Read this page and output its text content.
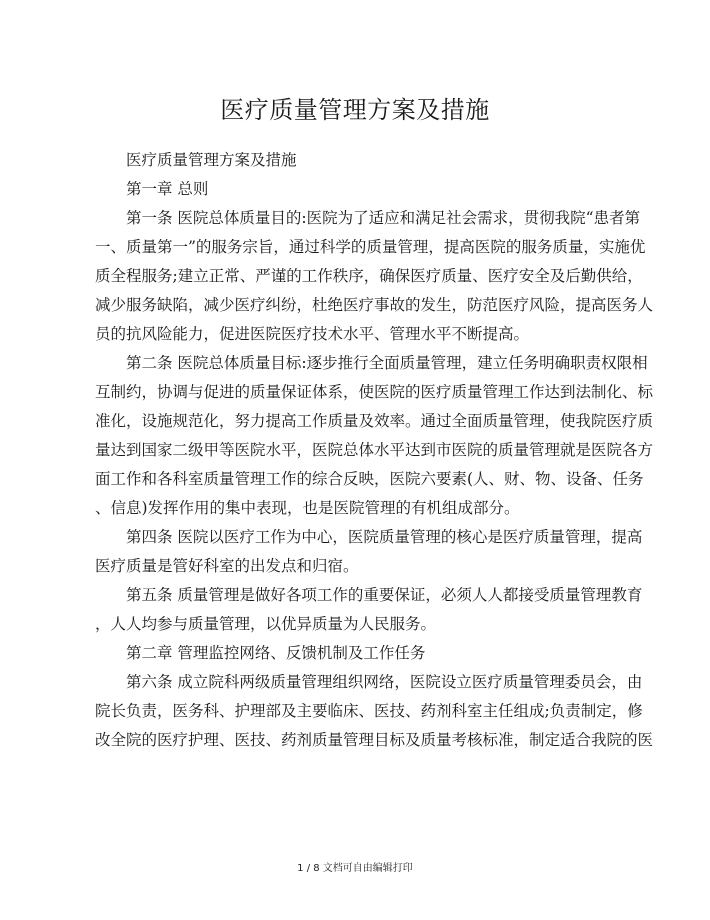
医疗质量管理方案及措施
医疗质量管理方案及措施
第一章 总则
第一条 医院总体质量目的:医院为了适应和满足社会需求，贯彻我院“患者第
一、质量第一”的服务宗旨，通过科学的质量管理，提高医院的服务质量，实施优
质全程服务;建立正常、严谨的工作秩序，确保医疗质量、医疗安全及后勤供给，
减少服务缺陷，减少医疗纠纷，杜绝医疗事故的发生，防范医疗风险，提高医务人
员的抗风险能力，促进医院医疗技术水平、管理水平不断提高。
第二条 医院总体质量目标:逐步推行全面质量管理，建立任务明确职责权限相
互制约，协调与促进的质量保证体系，使医院的医疗质量管理工作达到法制化、标
准化，设施规范化，努力提高工作质量及效率。通过全面质量管理，使我院医疗质
量达到国家二级甲等医院水平，医院总体水平达到市医院的质量管理就是医院各方
面工作和各科室质量管理工作的综合反映，医院六要素(人、财、物、设备、任务
、信息)发挥作用的集中表现，也是医院管理的有机组成部分。
第四条 医院以医疗工作为中心，医院质量管理的核心是医疗质量管理，提高
医疗质量是管好科室的出发点和归宿。
第五条 质量管理是做好各项工作的重要保证，必须人人都接受质量管理教育
，人人均参与质量管理，以优异质量为人民服务。
第二章 管理监控网络、反馈机制及工作任务
第六条 成立院科两级质量管理组织网络，医院设立医疗质量管理委员会，由
院长负责，医务科、护理部及主要临床、医技、药剂科室主任组成;负责制定，修
改全院的医疗护理、医技、药剂质量管理目标及质量考核标准，制定适合我院的医
1 / 8 文档可自由编辑打印
